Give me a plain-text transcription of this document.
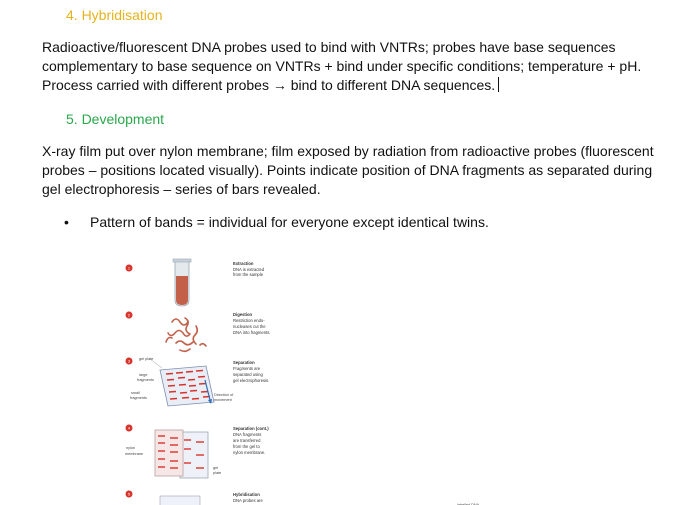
4. Hybridisation
Radioactive/fluorescent DNA probes used to bind with VNTRs; probes have base sequences complementary to base sequence on VNTRs + bind under specific conditions; temperature + pH. Process carried with different probes → bind to different DNA sequences.
5. Development
X-ray film put over nylon membrane; film exposed by radiation from radioactive probes (fluorescent probes – positions located visually). Points indicate position of DNA fragments as separated during gel electrophoresis – series of bars revealed.
• Pattern of bands = individual for everyone except identical twins.
1
2
3
4
5
Extraction
DNA is extracted
from the sample
Digestion
Restriction endo-
nucleases cut the
DNA into fragments.
Separation
Fragments are
separated using
gel electrophoresis.
Separation (cont.)
DNA fragments
are transferred
from the gel to
nylon membrane.
Hybridisation
DNA probes are
gel plate
large
fragments
small
fragments
Direction of
movement
nylon
membrane
gel
plate
labelled DNA
